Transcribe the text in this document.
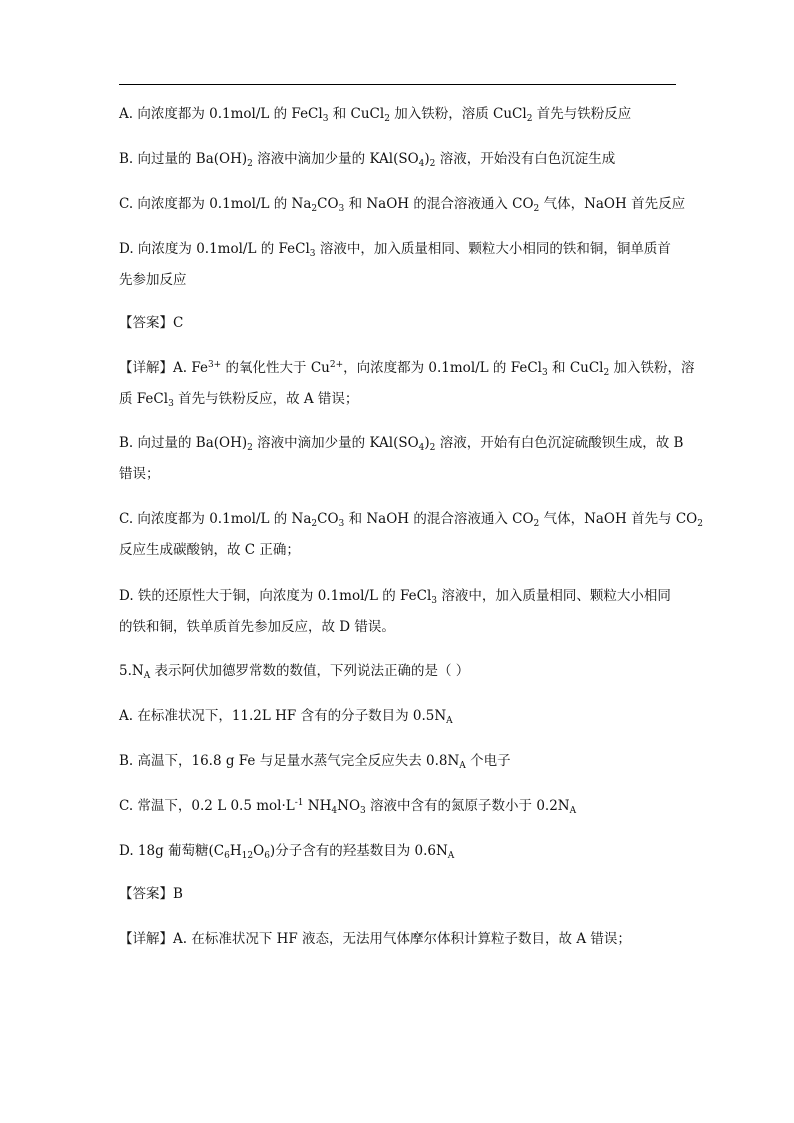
A. 向浓度都为 0.1mol/L 的 FeCl$_3$ 和 CuCl$_2$ 加入铁粉，溶质 CuCl$_2$ 首先与铁粉反应
B. 向过量的 $Ba(OH)_2$ 溶液中滴加少量的 $KAl(SO_4)_2$ 溶液，开始没有白色沉淀生成
C. 向浓度都为 0.1mol/L 的 $Na_2CO_3$ 和 NaOH 的混合溶液通入 $CO_2$ 气体，NaOH 首先反应
D. 向浓度为 0.1mol/L 的 FeCl$_3$ 溶液中，加入质量相同、颗粒大小相同的铁和铜，铜单质首
先参加反应
【答案】C
【详解】A. $Fe^{3+}$ 的氧化性大于 $Cu^{2+}$，向浓度都为 0.1mol/L 的 FeCl$_3$ 和 CuCl$_2$ 加入铁粉，溶
质 FeCl$_3$ 首先与铁粉反应，故 A 错误；
B. 向过量的 $Ba(OH)_2$ 溶液中滴加少量的 $KAl(SO_4)_2$ 溶液，开始有白色沉淀硫酸钡生成，故 B
错误；
C. 向浓度都为 0.1mol/L 的 $Na_2CO_3$ 和 NaOH 的混合溶液通入 $CO_2$ 气体，NaOH 首先与 $CO_2$
反应生成碳酸钠，故 C 正确；
D. 铁的还原性大于铜，向浓度为 0.1mol/L 的 FeCl$_3$ 溶液中，加入质量相同、颗粒大小相同
的铁和铜，铁单质首先参加反应，故 D 错误。
$5.N_A$ 表示阿伏加德罗常数的数值，下列说法正确的是（ ）
A. 在标准状况下，11.2L HF 含有的分子数目为 $0.5N_A$
B. 高温下，16.8 g Fe 与足量水蒸气完全反应失去 $0.8N_A$ 个电子
C. 常温下，0.2 L 0.5 $mol\cdot L^{-1}$ $NH_4NO_3$ 溶液中含有的氮原子数小于 $0.2N_A$
D. 18g 葡萄糖$(C_6H_{12}O_6)$分子含有的羟基数目为 $0.6N_A$
【答案】B
【详解】A. 在标准状况下 HF 液态，无法用气体摩尔体积计算粒子数目，故 A 错误；
